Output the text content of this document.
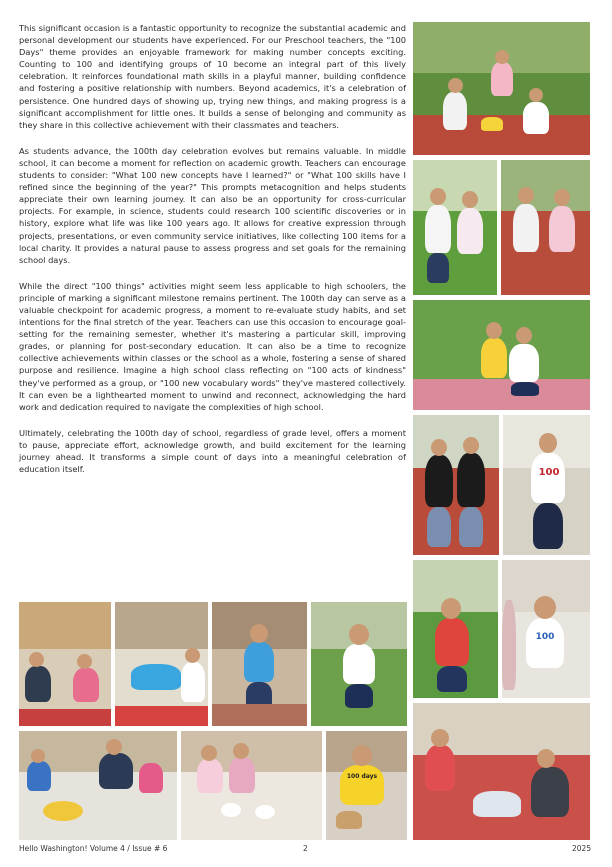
This significant occasion is a fantastic opportunity to recognize the substantial academic and personal development our students have experienced. For our Preschool teachers, the "100 Days" theme provides an enjoyable framework for making number concepts exciting. Counting to 100 and identifying groups of 10 become an integral part of this lively celebration. It reinforces foundational math skills in a playful manner, building confidence and fostering a positive relationship with numbers. Beyond academics, it's a celebration of persistence. One hundred days of showing up, trying new things, and making progress is a significant accomplishment for little ones. It builds a sense of belonging and community as they share in this collective achievement with their classmates and teachers.

As students advance, the 100th day celebration evolves but remains valuable. In middle school, it can become a moment for reflection on academic growth. Teachers can encourage students to consider: "What 100 new concepts have I learned?" or "What 100 skills have I refined since the beginning of the year?" This prompts metacognition and helps students appreciate their own learning journey. It can also be an opportunity for cross-curricular projects. For example, in science, students could research 100 scientific discoveries or in history, explore what life was like 100 years ago. It allows for creative expression through projects, presentations, or even community service initiatives, like collecting 100 items for a local charity. It provides a natural pause to assess progress and set goals for the remaining school days.

While the direct "100 things" activities might seem less applicable to high schoolers, the principle of marking a significant milestone remains pertinent. The 100th day can serve as a valuable checkpoint for academic progress, a moment to re-evaluate study habits, and set intentions for the final stretch of the year. Teachers can use this occasion to encourage goal-setting for the remaining semester, whether it's mastering a particular skill, improving grades, or planning for post-secondary education. It can also be a time to recognize collective achievements within classes or the school as a whole, fostering a sense of shared purpose and resilience. Imagine a high school class reflecting on "100 acts of kindness" they've performed as a group, or "100 new vocabulary words" they've mastered collectively. It can even be a lighthearted moment to unwind and reconnect, acknowledging the hard work and dedication required to navigate the complexities of high school.

Ultimately, celebrating the 100th day of school, regardless of grade level, offers a moment to pause, appreciate effort, acknowledge growth, and build excitement for the learning journey ahead. It transforms a simple count of days into a meaningful celebration of education itself.	100
100
100 days
Hello Washington! Volume 4 / Issue # 6	2	2025
